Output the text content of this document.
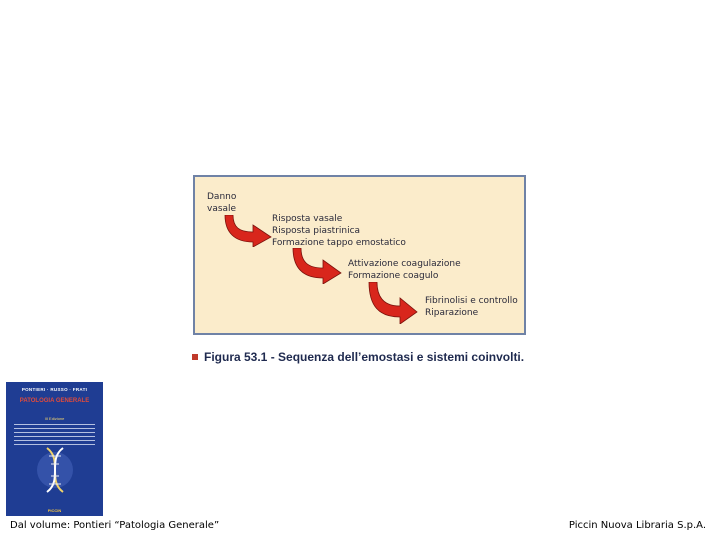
Danno
vasale
Risposta vasale
Risposta piastrinica
Formazione tappo emostatico
Attivazione coagulazione
Formazione coagulo
Fibrinolisi e controllo
Riparazione
Figura 53.1 - Sequenza dell’emostasi e sistemi coinvolti.
PONTIERI · RUSSO · FRATI
PATOLOGIA GENERALE
III Edizione
PICCIN
Dal volume: Pontieri “Patologia Generale”	Piccin Nuova Libraria S.p.A.
